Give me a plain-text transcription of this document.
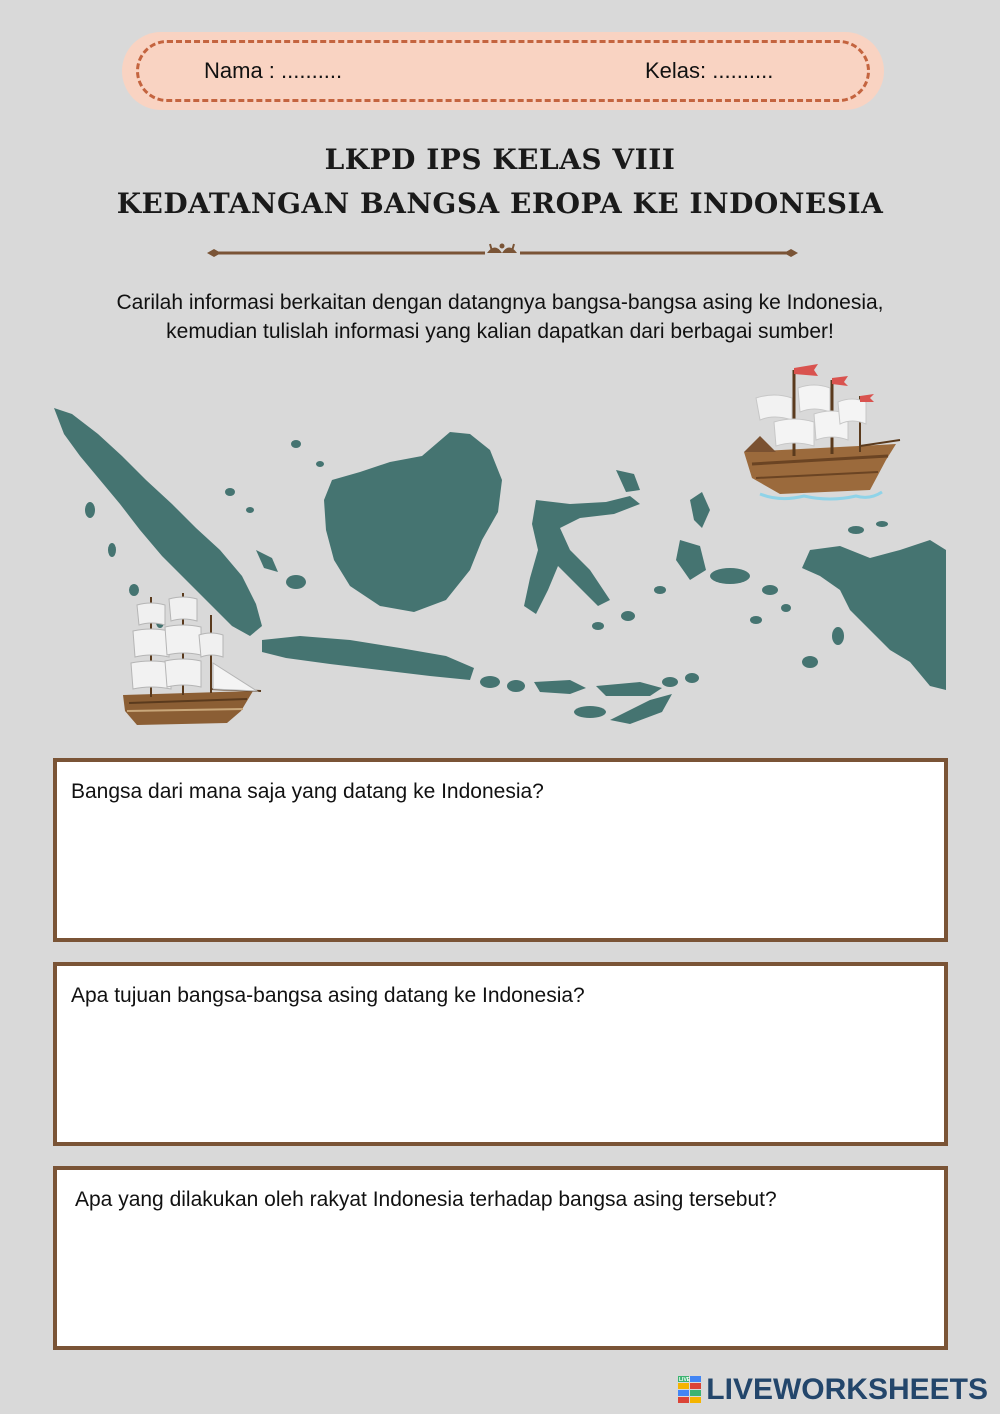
Nama : ..........	Kelas: ..........
LKPD IPS KELAS VIII
KEDATANGAN BANGSA EROPA KE INDONESIA
Carilah informasi berkaitan dengan datangnya bangsa-bangsa asing ke Indonesia,
kemudian tulislah informasi yang kalian dapatkan dari berbagai sumber!
Bangsa dari mana saja yang datang ke Indonesia?
Apa tujuan bangsa-bangsa asing datang ke Indonesia?
Apa yang dilakukan oleh rakyat Indonesia terhadap bangsa asing tersebut?
LIVE LIVEWORKSHEETS
